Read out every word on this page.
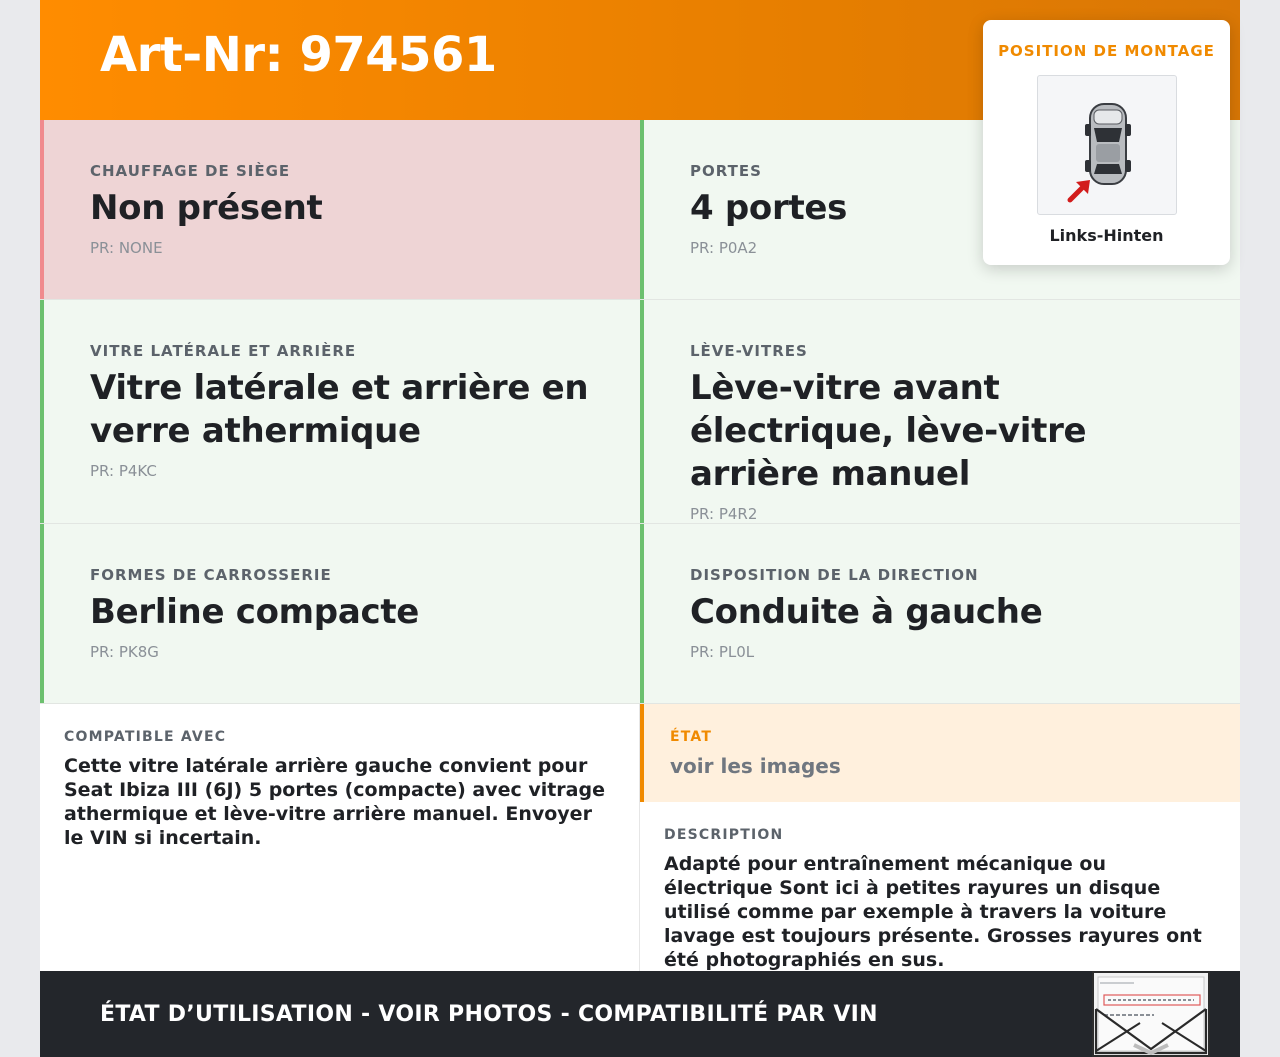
Art-Nr: 974561
CHAUFFAGE DE SIÈGE
Non présent
PR: NONE
PORTES
4 portes
PR: P0A2
VITRE LATÉRALE ET ARRIÈRE
Vitre latérale et arrière en verre athermique
PR: P4KC
LÈVE-VITRES
Lève-vitre avant électrique, lève-vitre arrière manuel
PR: P4R2
FORMES DE CARROSSERIE
Berline compacte
PR: PK8G
DISPOSITION DE LA DIRECTION
Conduite à gauche
PR: PL0L
COMPATIBLE AVEC
Cette vitre latérale arrière gauche convient pour Seat Ibiza III (6J) 5 portes (compacte) avec vitrage athermique et lève-vitre arrière manuel. Envoyer le VIN si incertain.
ÉTAT
voir les images
DESCRIPTION
Adapté pour entraînement mécanique ou électrique Sont ici à petites rayures un disque utilisé comme par exemple à travers la voiture lavage est toujours présente. Grosses rayures ont été photographiés en sus.
ÉTAT D’UTILISATION - VOIR PHOTOS - COMPATIBILITÉ PAR VIN
POSITION DE MONTAGE
Links-Hinten
